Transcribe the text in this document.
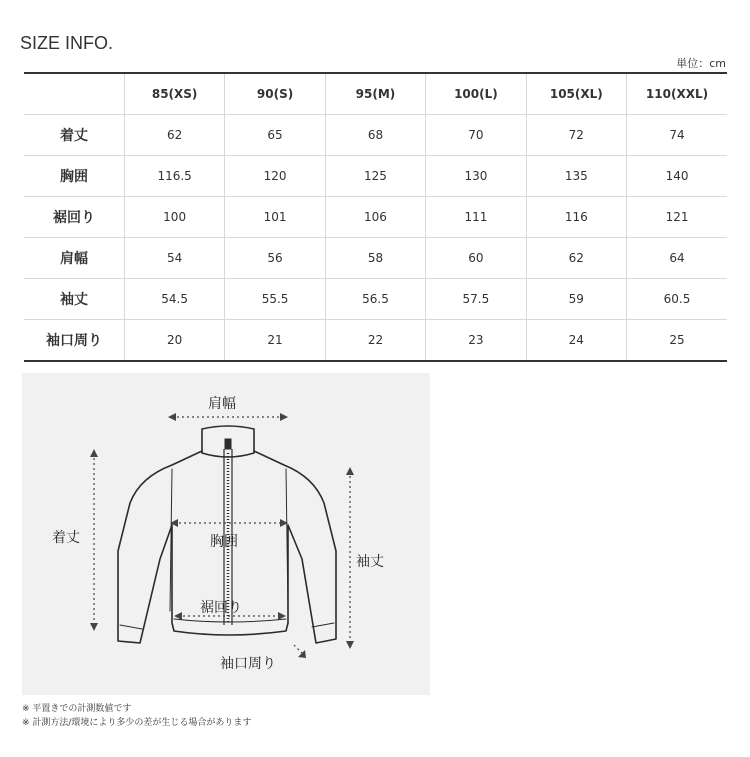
SIZE INFO.
単位：cm
	85(XS)	90(S)	95(M)	100(L)	105(XL)	110(XXL)
着丈	62	65	68	70	72	74
胸囲	116.5	120	125	130	135	140
裾回り	100	101	106	111	116	121
肩幅	54	56	58	60	62	64
袖丈	54.5	55.5	56.5	57.5	59	60.5
袖口周り	20	21	22	23	24	25
肩幅
着丈	胸囲
袖丈
裾回り
袖口周り
※ 平置きでの計測数値です
※ 計測方法/環境により多少の差が生じる場合があります
